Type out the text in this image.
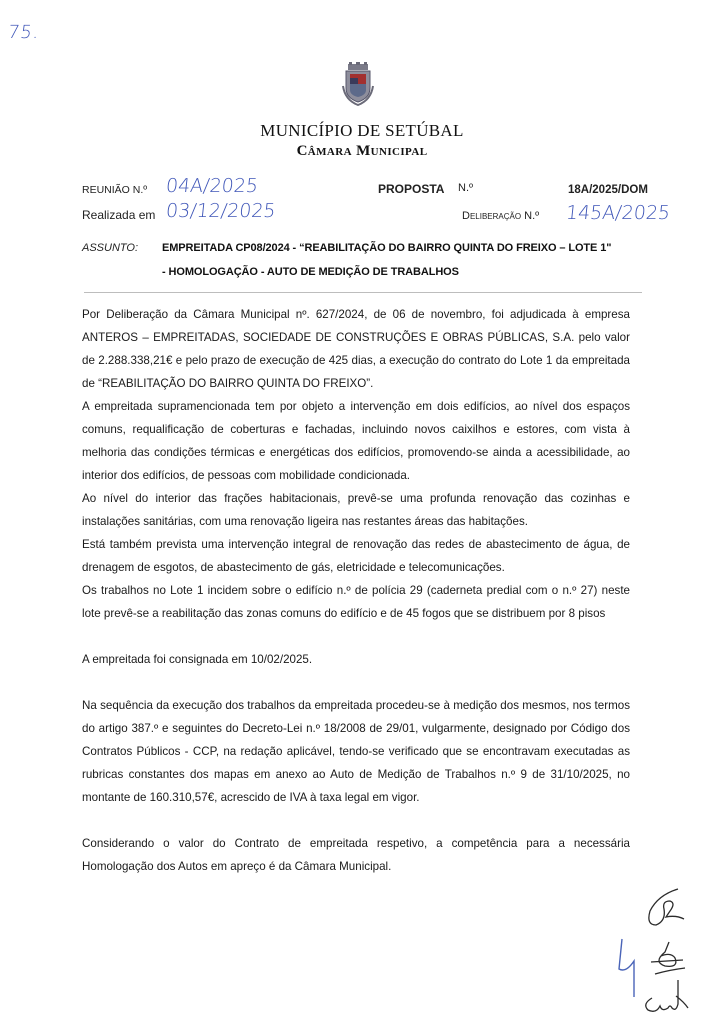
75.
MUNICÍPIO DE SETÚBAL
Câmara Municipal
REUNIÃO N.º 04A/2025
Realizada em 03/12/2025
PROPOSTA N.º	18A/2025/DOM
Deliberação N.º 145A/2025
ASSUNTO: EMPREITADA CP08/2024 - “REABILITAÇÃO DO BAIRRO QUINTA DO FREIXO – LOTE 1"
- HOMOLOGAÇÃO - AUTO DE MEDIÇÃO DE TRABALHOS

Por Deliberação da Câmara Municipal nº. 627/2024, de 06 de novembro, foi adjudicada à empresa ANTEROS – EMPREITADAS, SOCIEDADE DE CONSTRUÇÕES E OBRAS PÚBLICAS, S.A. pelo valor de 2.288.338,21€ e pelo prazo de execução de 425 dias, a execução do contrato do Lote 1 da empreitada de “REABILITAÇÃO DO BAIRRO QUINTA DO FREIXO”.

A empreitada supramencionada tem por objeto a intervenção em dois edifícios, ao nível dos espaços comuns, requalificação de coberturas e fachadas, incluindo novos caixilhos e estores, com vista à melhoria das condições térmicas e energéticas dos edifícios, promovendo-se ainda a acessibilidade, ao interior dos edifícios, de pessoas com mobilidade condicionada.

Ao nível do interior das frações habitacionais, prevê-se uma profunda renovação das cozinhas e instalações sanitárias, com uma renovação ligeira nas restantes áreas das habitações.

Está também prevista uma intervenção integral de renovação das redes de abastecimento de água, de drenagem de esgotos, de abastecimento de gás, eletricidade e telecomunicações.

Os trabalhos no Lote 1 incidem sobre o edifício n.º de polícia 29 (caderneta predial com o n.º 27) neste lote prevê-se a reabilitação das zonas comuns do edifício e de 45 fogos que se distribuem por 8 pisos

A empreitada foi consignada em 10/02/2025.

Na sequência da execução dos trabalhos da empreitada procedeu-se à medição dos mesmos, nos termos do artigo 387.º e seguintes do Decreto-Lei n.º 18/2008 de 29/01, vulgarmente, designado por Código dos Contratos Públicos - CCP, na redação aplicável, tendo-se verificado que se encontravam executadas as rubricas constantes dos mapas em anexo ao Auto de Medição de Trabalhos n.º 9 de 31/10/2025, no montante de 160.310,57€, acrescido de IVA à taxa legal em vigor.

Considerando o valor do Contrato de empreitada respetivo, a competência para a necessária Homologação dos Autos em apreço é da Câmara Municipal.
